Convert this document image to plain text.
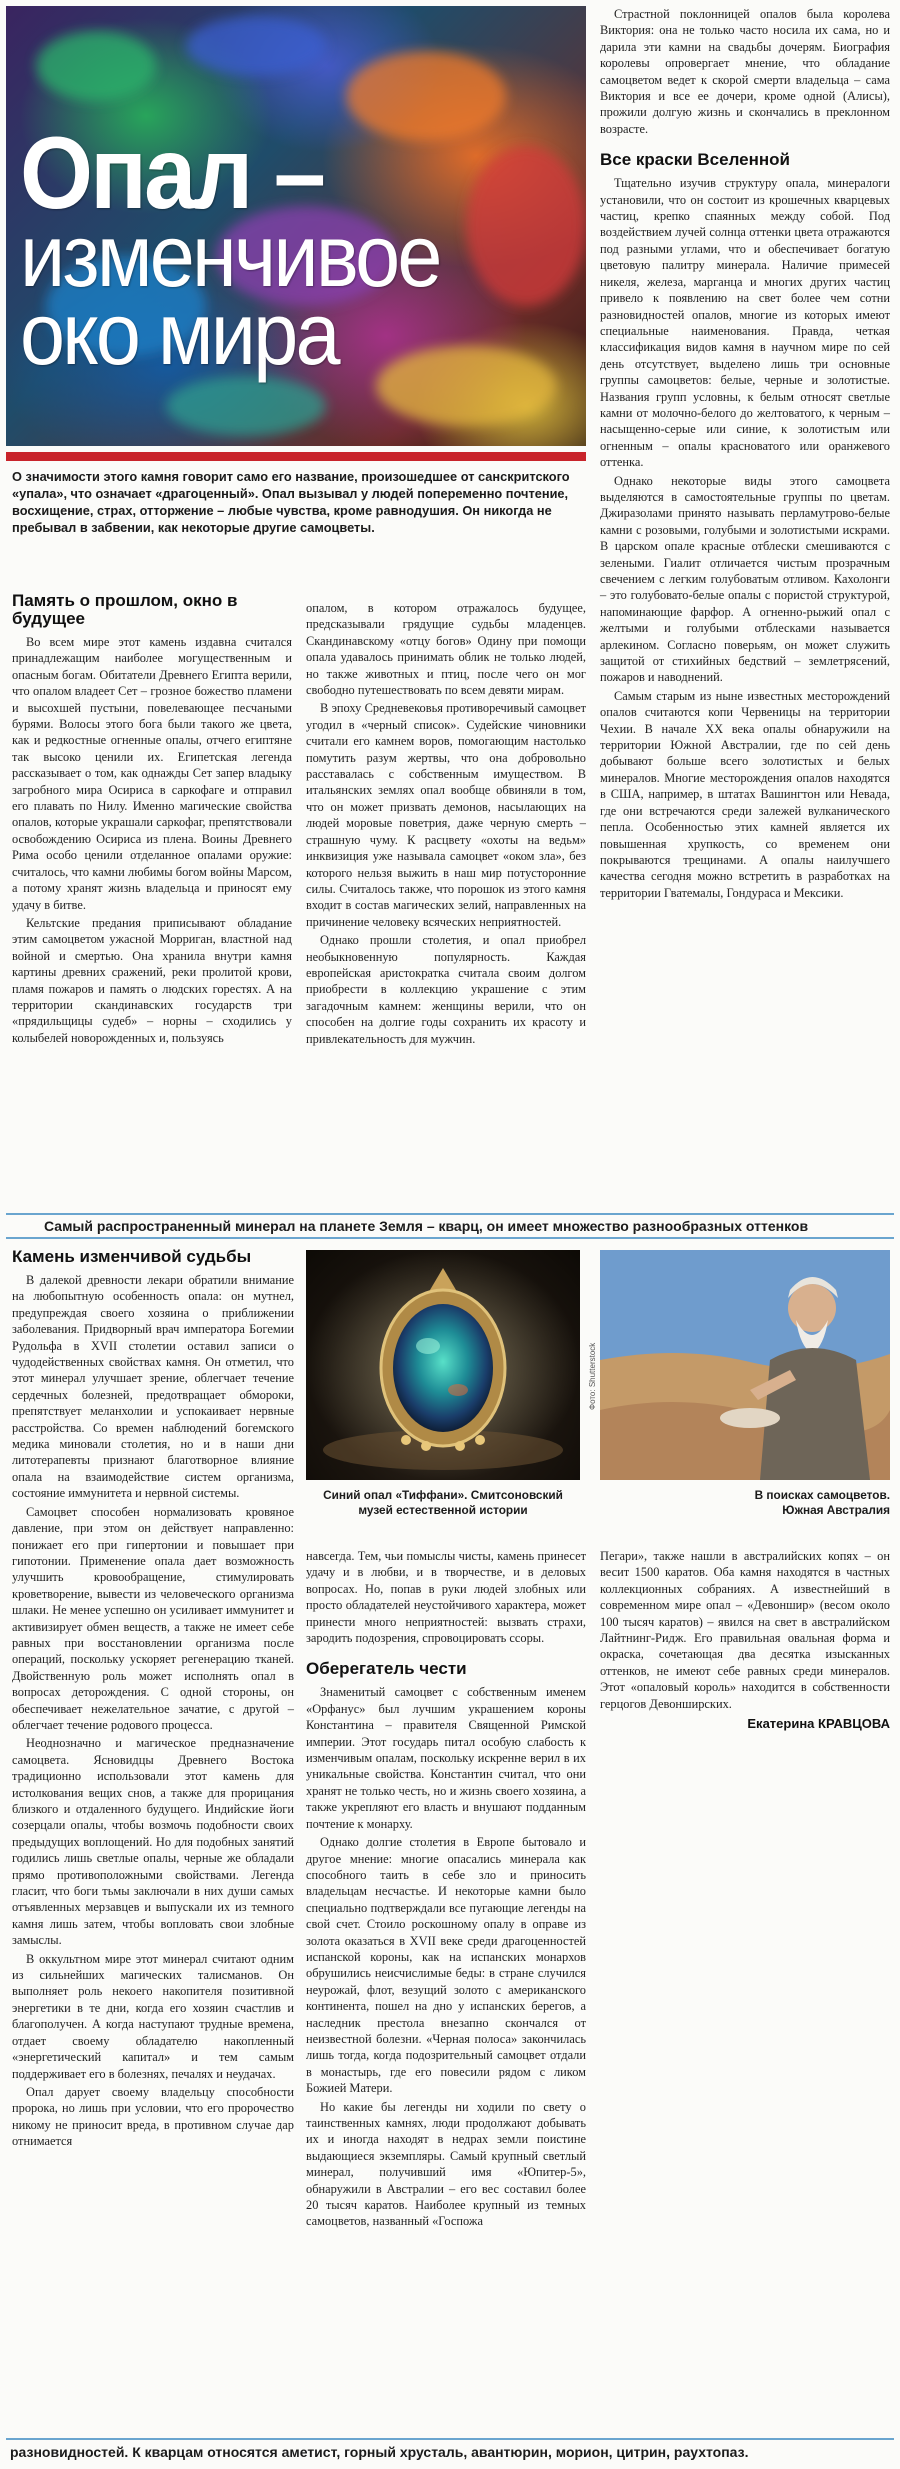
Опал –
изменчивое
око мира
О значимости этого камня говорит само его название, произошедшее от санскритского «упала», что означает «драгоценный». Опал вызывал у людей попеременно почтение, восхищение, страх, отторжение – любые чувства, кроме равнодушия. Он никогда не пребывал в забвении, как некоторые другие самоцветы.

Страстной поклонницей опалов была королева Виктория: она не только часто носила их сама, но и дарила эти камни на свадьбы дочерям. Биография королевы опровергает мнение, что обладание самоцветом ведет к скорой смерти владельца – сама Виктория и все ее дочери, кроме одной (Алисы), прожили долгую жизнь и скончались в преклонном возрасте.

Все краски Вселенной

Тщательно изучив структуру опала, минералоги установили, что он состоит из крошечных кварцевых частиц, крепко спаянных между собой. Под воздействием лучей солнца оттенки цвета отражаются под разными углами, что и обеспечивает богатую цветовую палитру минерала. Наличие примесей никеля, железа, марганца и многих других частиц привело к появлению на свет более чем сотни разновидностей опалов, многие из которых имеют специальные наименования. Правда, четкая классификация видов камня в научном мире по сей день отсутствует, выделено лишь три основные группы самоцветов: белые, черные и золотистые. Названия групп условны, к белым относят светлые камни от молочно-белого до желтоватого, к черным – насыщенно-серые или синие, к золотистым или огненным – опалы красноватого или оранжевого оттенка.

Однако некоторые виды этого самоцвета выделяются в самостоятельные группы по цветам. Джиразолами принято называть перламутрово-белые камни с розовыми, голубыми и золотистыми искрами. В царском опале красные отблески смешиваются с зелеными. Гиалит отличается чистым прозрачным свечением с легким голубоватым отливом. Кахолонги – это голубовато-белые опалы с пористой структурой, напоминающие фарфор. А огненно-рыжий опал с желтыми и голубыми отблесками называется арлекином. Согласно поверьям, он может служить защитой от стихийных бедствий – землетрясений, пожаров и наводнений.

Самым старым из ныне известных месторождений опалов считаются копи Червеницы на территории Чехии. В начале XX века опалы обнаружили на территории Южной Австралии, где по сей день добывают больше всего золотистых и белых минералов. Многие месторождения опалов находятся в США, например, в штатах Вашингтон или Невада, где они встречаются среди залежей вулканического пепла. Особенностью этих камней является их повышенная хрупкость, со временем они покрываются трещинами. А опалы наилучшего качества сегодня можно встретить в разработках на территории Гватемалы, Гондураса и Мексики.

Память о прошлом, окно в будущее

Во всем мире этот камень издавна считался принадлежащим наиболее могущественным и опасным богам. Обитатели Древнего Египта верили, что опалом владеет Сет – грозное божество пламени и высохшей пустыни, повелевающее песчаными бурями. Волосы этого бога были такого же цвета, как и редкостные огненные опалы, отчего египтяне так высоко ценили их. Египетская легенда рассказывает о том, как однажды Сет запер владыку загробного мира Осириса в саркофаге и отправил его плавать по Нилу. Именно магические свойства опалов, которые украшали саркофаг, препятствовали освобождению Осириса из плена. Воины Древнего Рима особо ценили отделанное опалами оружие: считалось, что камни любимы богом войны Марсом, а потому хранят жизнь владельца и приносят ему удачу в битве.

Кельтские предания приписывают обладание этим самоцветом ужасной Морриган, властной над войной и смертью. Она хранила внутри камня картины древних сражений, реки пролитой крови, пламя пожаров и память о людских горестях. А на территории скандинавских государств три «прядильщицы судеб» – норны – сходились у колыбелей новорожденных и, пользуясь

опалом, в котором отражалось будущее, предсказывали грядущие судьбы младенцев. Скандинавскому «отцу богов» Одину при помощи опала удавалось принимать облик не только людей, но также животных и птиц, после чего он мог свободно путешествовать по всем девяти мирам.

В эпоху Средневековья противоречивый самоцвет угодил в «черный список». Судейские чиновники считали его камнем воров, помогающим настолько помутить разум жертвы, что она добровольно расставалась с собственным имуществом. В итальянских землях опал вообще обвиняли в том, что он может призвать демонов, насылающих на людей моровые поветрия, даже черную смерть – страшную чуму. К расцвету «охоты на ведьм» инквизиция уже называла самоцвет «оком зла», без которого нельзя выжить в наш мир потусторонние силы. Считалось также, что порошок из этого камня входит в состав магических зелий, направленных на причинение человеку всяческих неприятностей.

Однако прошли столетия, и опал приобрел необыкновенную популярность. Каждая европейская аристократка считала своим долгом приобрести в коллекцию украшение с этим загадочным камнем: женщины верили, что он способен на долгие годы сохранить их красоту и привлекательность для мужчин.

Самый распространенный минерал на планете Земля – кварц, он имеет множество разнообразных оттенков
Камень изменчивой судьбы

В далекой древности лекари обратили внимание на любопытную особенность опала: он мутнел, предупреждая своего хозяина о приближении заболевания. Придворный врач императора Богемии Рудольфа в XVII столетии оставил записи о чудодейственных свойствах камня. Он отметил, что этот минерал улучшает зрение, облегчает течение сердечных болезней, предотвращает обмороки, препятствует меланхолии и успокаивает нервные расстройства. Со времен наблюдений богемского медика миновали столетия, но и в наши дни литотерапевты признают благотворное влияние опала на взаимодействие систем организма, состояние иммунитета и нервной системы.

Самоцвет способен нормализовать кровяное давление, при этом он действует направленно: понижает его при гипертонии и повышает при гипотонии. Применение опала дает возможность улучшить кровообращение, стимулировать кроветворение, вывести из человеческого организма шлаки. Не менее успешно он усиливает иммунитет и активизирует обмен веществ, а также не имеет себе равных при восстановлении организма после операций, поскольку ускоряет регенерацию тканей. Двойственную роль может исполнять опал в вопросах деторождения. С одной стороны, он обеспечивает нежелательное зачатие, с другой – облегчает течение родового процесса.

Неоднозначно и магическое предназначение самоцвета. Ясновидцы Древнего Востока традиционно использовали этот камень для истолкования вещих снов, а также для прорицания близкого и отдаленного будущего. Индийские йоги созерцали опалы, чтобы возмочь подобности своих предыдущих воплощений. Но для подобных занятий годились лишь светлые опалы, черные же обладали прямо противоположными свойствами. Легенда гласит, что боги тьмы заключали в них души самых отъявленных мерзавцев и выпускали их из темного камня лишь затем, чтобы вопловать свои злобные замыслы.

В оккультном мире этот минерал считают одним из сильнейших магических талисманов. Он выполняет роль некоего накопителя позитивной энергетики в те дни, когда его хозяин счастлив и благополучен. А когда наступают трудные времена, отдает своему обладателю накопленный «энергетический капитал» и тем самым поддерживает его в болезнях, печалях и неудачах.

Опал дарует своему владельцу способности пророка, но лишь при условии, что его пророчество никому не приносит вреда, в противном случае дар отнимается

Фото: Shutterstock
Синий опал «Тиффани». Смитсоновский
музей естественной истории
В поисках самоцветов.
Южная Австралия

навсегда. Тем, чьи помыслы чисты, камень принесет удачу и в любви, и в творчестве, и в деловых вопросах. Но, попав в руки людей злобных или просто обладателей неустойчивого характера, может принести много неприятностей: вызвать страхи, зародить подозрения, спровоцировать ссоры.

Оберегатель чести

Знаменитый самоцвет с собственным именем «Орфанус» был лучшим украшением короны Константина – правителя Священной Римской империи. Этот государь питал особую слабость к изменчивым опалам, поскольку искренне верил в их уникальные свойства. Константин считал, что они хранят не только честь, но и жизнь своего хозяина, а также укрепляют его власть и внушают подданным почтение к монарху.

Однако долгие столетия в Европе бытовало и другое мнение: многие опасались минерала как способного таить в себе зло и приносить владельцам несчастье. И некоторые камни было специально подтверждали все пугающие легенды на свой счет. Стоило роскошному опалу в оправе из золота оказаться в XVII веке среди драгоценностей испанской короны, как на испанских монархов обрушились неисчислимые беды: в стране случился неурожай, флот, везущий золото с американского континента, пошел на дно у испанских берегов, а наследник престола внезапно скончался от неизвестной болезни. «Черная полоса» закончилась лишь тогда, когда подозрительный самоцвет отдали в монастырь, где его повесили рядом с ликом Божией Матери.

Но какие бы легенды ни ходили по свету о таинственных камнях, люди продолжают добывать их и иногда находят в недрах земли поистине выдающиеся экземпляры. Самый крупный светлый минерал, получивший имя «Юпитер-5», обнаружили в Австралии – его вес составил более 20 тысяч каратов. Наиболее крупный из темных самоцветов, названный «Госпожа

Пегари», также нашли в австралийских копях – он весит 1500 каратов. Оба камня находятся в частных коллекционных собраниях. А известнейший в современном мире опал – «Девоншир» (весом около 100 тысяч каратов) – явился на свет в австралийском Лайтнинг-Ридж. Его правильная овальная форма и окраска, сочетающая два десятка изысканных оттенков, не имеют себе равных среди минералов. Этот «опаловый король» находится в собственности герцогов Девонширских.

Екатерина КРАВЦОВА
разновидностей. К кварцам относятся аметист, горный хрусталь, авантюрин, морион, цитрин, раухтопаз.
